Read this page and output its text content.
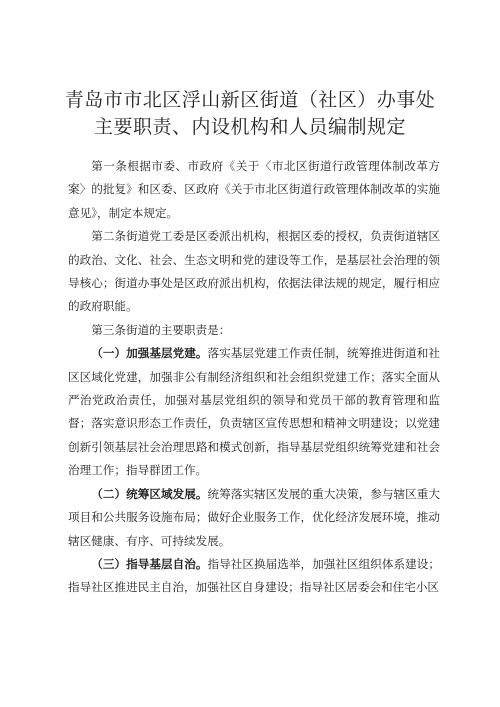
青岛市市北区浮山新区街道（社区）办事处
主要职责、内设机构和人员编制规定

第一条根据市委、市政府《关于〈市北区街道行政管理体制改革方案〉的批复》和区委、区政府《关于市北区街道行政管理体制改革的实施意见》，制定本规定。

第二条街道党工委是区委派出机构，根据区委的授权，负责街道辖区的政治、文化、社会、生态文明和党的建设等工作，是基层社会治理的领导核心；街道办事处是区政府派出机构，依据法律法规的规定，履行相应的政府职能。

第三条街道的主要职责是：

（一）加强基层党建。落实基层党建工作责任制，统筹推进街道和社区区域化党建，加强非公有制经济组织和社会组织党建工作；落实全面从严治党政治责任，加强对基层党组织的领导和党员干部的教育管理和监督；落实意识形态工作责任，负责辖区宣传思想和精神文明建设；以党建创新引领基层社会治理思路和模式创新，指导基层党组织统筹党建和社会治理工作；指导群团工作。

（二）统筹区域发展。统筹落实辖区发展的重大决策，参与辖区重大项目和公共服务设施布局；做好企业服务工作，优化经济发展环境，推动辖区健康、有序、可持续发展。

（三）指导基层自治。指导社区换届选举，加强社区组织体系建设；指导社区推进民主自治，加强社区自身建设；指导社区居委会和住宅小区
